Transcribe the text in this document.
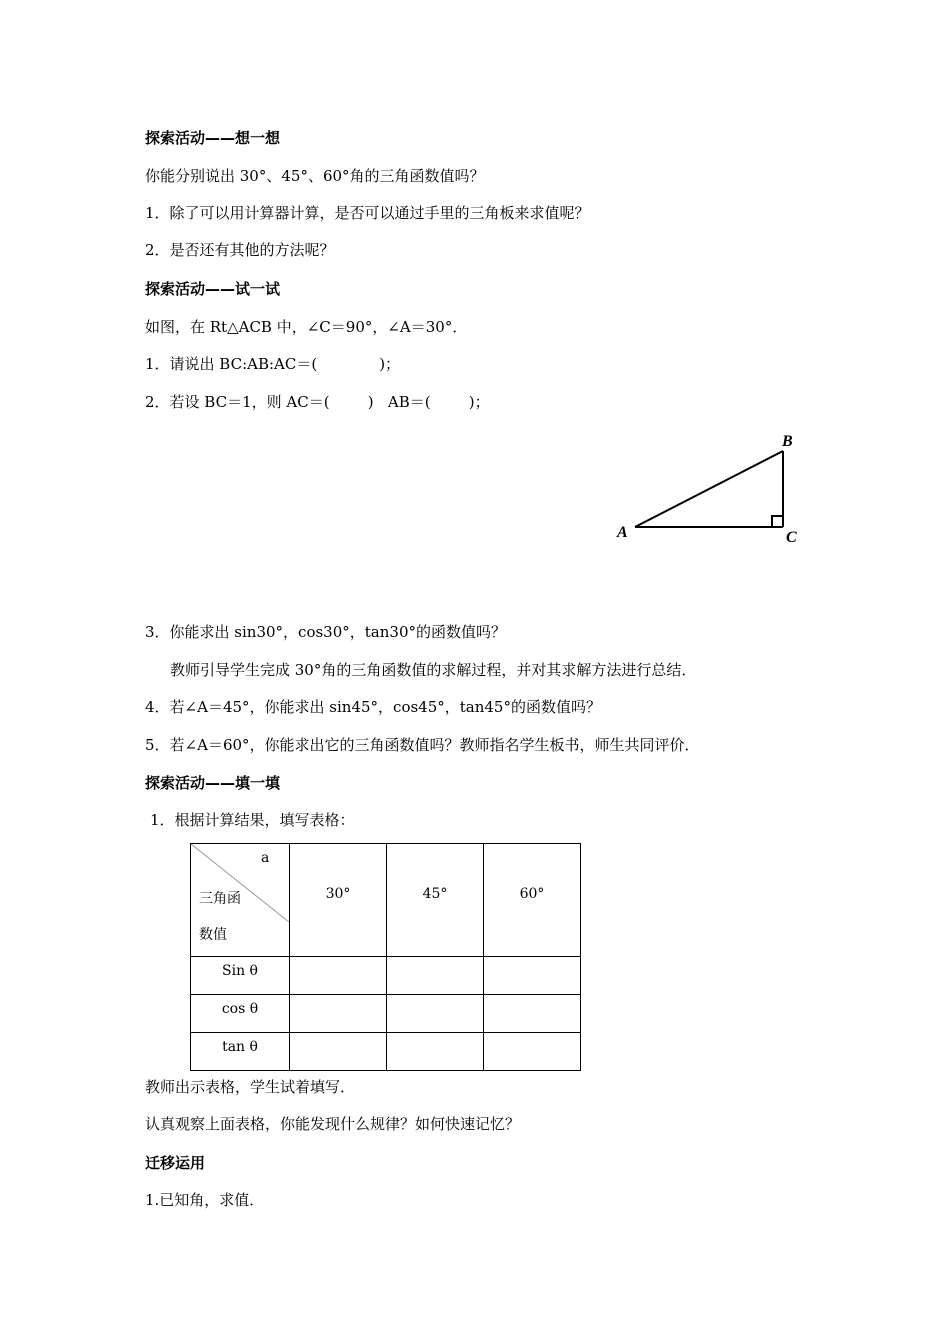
探索活动——想一想
你能分别说出 30°、45°、60°角的三角函数值吗？
1．除了可以用计算器计算，是否可以通过手里的三角板来求值呢？
2．是否还有其他的方法呢？
探索活动——试一试
如图，在 Rt△ACB 中，∠C＝90°，∠A＝30°．
1．请说出 BC:AB:AC＝(             )；
2．若设 BC＝1，则 AC＝(        )   AB＝(        )；
B
A	C
3．你能求出 sin30°，cos30°，tan30°的函数值吗？
教师引导学生完成 30°角的三角函数值的求解过程，并对其求解方法进行总结．
4．若∠A＝45°，你能求出 sin45°，cos45°，tan45°的函数值吗？
5．若∠A＝60°，你能求出它的三角函数值吗？教师指名学生板书，师生共同评价．
探索活动——填一填
1．根据计算结果，填写表格：
a
三角函
数值	30°	45°	60°
Sin θ			
cos θ			
tan θ			
教师出示表格，学生试着填写．
认真观察上面表格，你能发现什么规律？如何快速记忆？
迁移运用
1.已知角，求值．
